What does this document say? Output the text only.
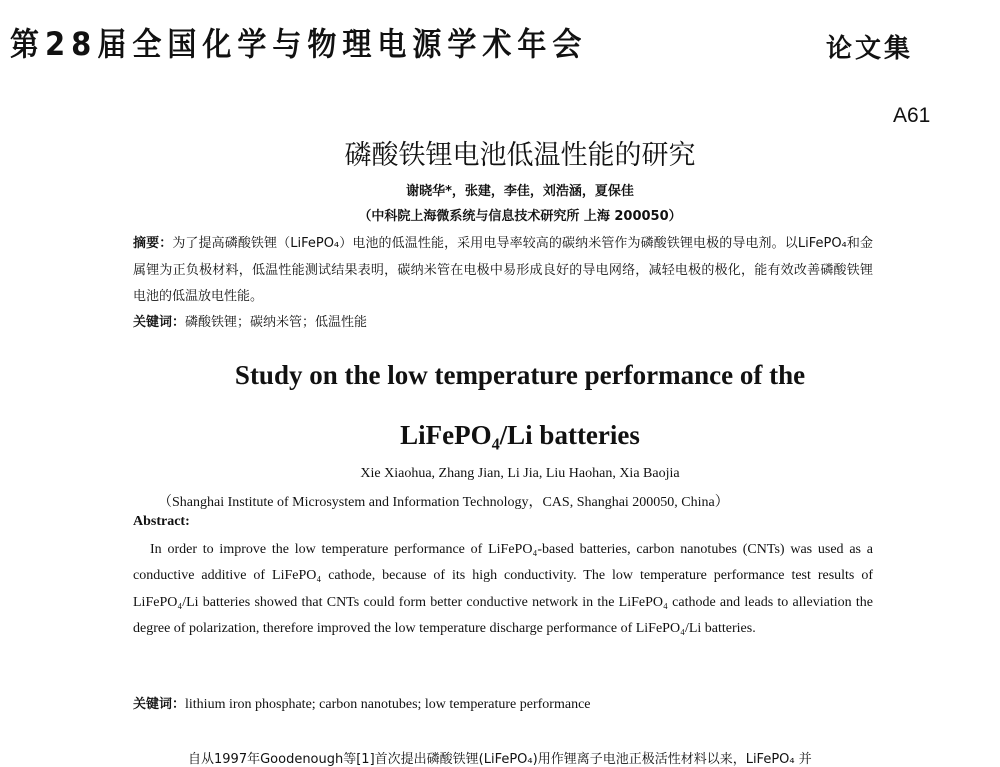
第28届全国化学与物理电源学术年会	论文集
A61
磷酸铁锂电池低温性能的研究
谢晓华*，张建，李佳，刘浩涵，夏保佳
（中科院上海微系统与信息技术研究所 上海 200050）
摘要：为了提高磷酸铁锂（LiFePO₄）电池的低温性能，采用电导率较高的碳纳米管作为磷酸铁锂电极的导电剂。以LiFePO₄和金属锂为正负极材料，低温性能测试结果表明，碳纳米管在电极中易形成良好的导电网络，减轻电极的极化，能有效改善磷酸铁锂电池的低温放电性能。
关键词：磷酸铁锂；碳纳米管；低温性能
Study on the low temperature performance of the
LiFePO₄/Li batteries
Xie Xiaohua, Zhang Jian, Li Jia, Liu Haohan, Xia Baojia
（Shanghai Institute of Microsystem and Information Technology，CAS, Shanghai 200050, China）
Abstract:

In order to improve the low temperature performance of LiFePO₄-based batteries, carbon nanotubes (CNTs) was used as a conductive additive of LiFePO₄ cathode, because of its high conductivity. The low temperature performance test results of LiFePO₄/Li batteries showed that CNTs could form better conductive network in the LiFePO₄ cathode and leads to alleviation the degree of polarization, therefore improved the low temperature discharge performance of LiFePO₄/Li batteries.

关键词：lithium iron phosphate; carbon nanotubes; low temperature performance
自从1997年Goodenough等[1]首次提出磷酸铁锂(LiFePO₄)用作锂离子电池正极活性材料以来，LiFePO₄ 并
